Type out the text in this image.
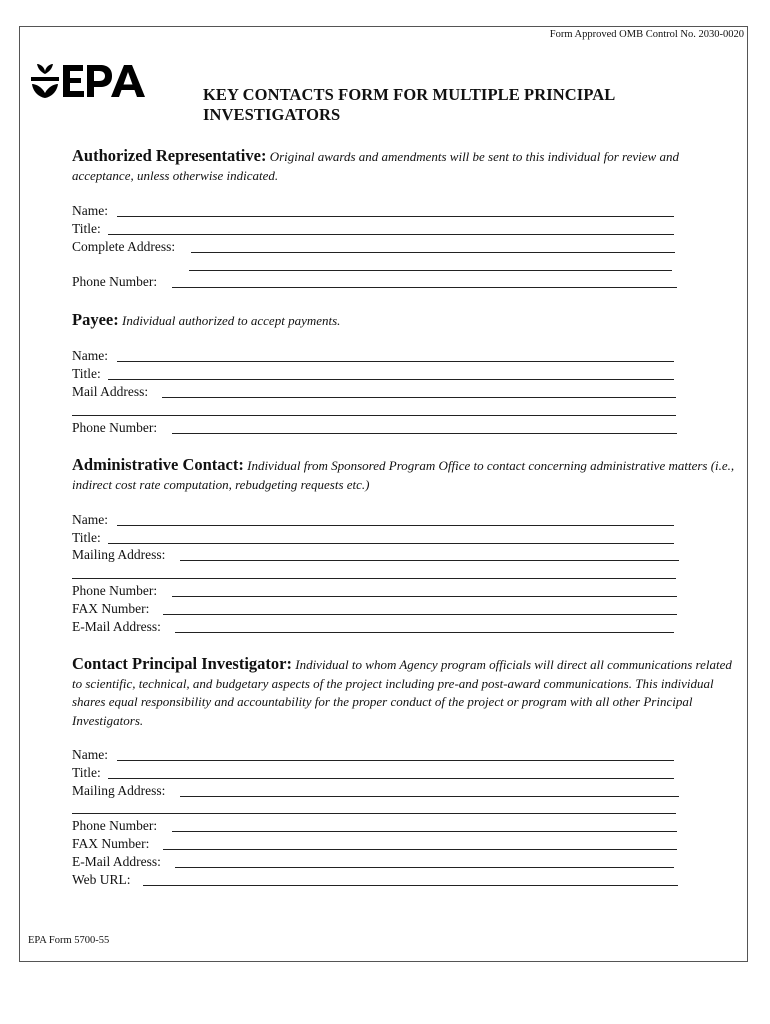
Form Approved OMB Control No. 2030-0020
KEY CONTACTS FORM FOR MULTIPLE PRINCIPAL
INVESTIGATORS
Authorized Representative: Original awards and amendments will be sent to this individual for review and acceptance, unless otherwise indicated.
Name:
Title:
Complete Address:
Phone Number:
Payee: Individual authorized to accept payments.
Name:
Title:
Mail Address:
Phone Number:
Administrative Contact: Individual from Sponsored Program Office to contact concerning administrative matters (i.e., indirect cost rate computation, rebudgeting requests etc.)
Name:
Title:
Mailing Address:
Phone Number:
FAX Number:
E-Mail Address:
Contact Principal Investigator: Individual to whom Agency program officials will direct all communications related to scientific, technical, and budgetary aspects of the project including pre-and post-award communications. This individual shares equal responsibility and accountability for the proper conduct of the project or program with all other Principal Investigators.
Name:
Title:
Mailing Address:
Phone Number:
FAX Number:
E-Mail Address:
Web URL:
EPA Form 5700-55
